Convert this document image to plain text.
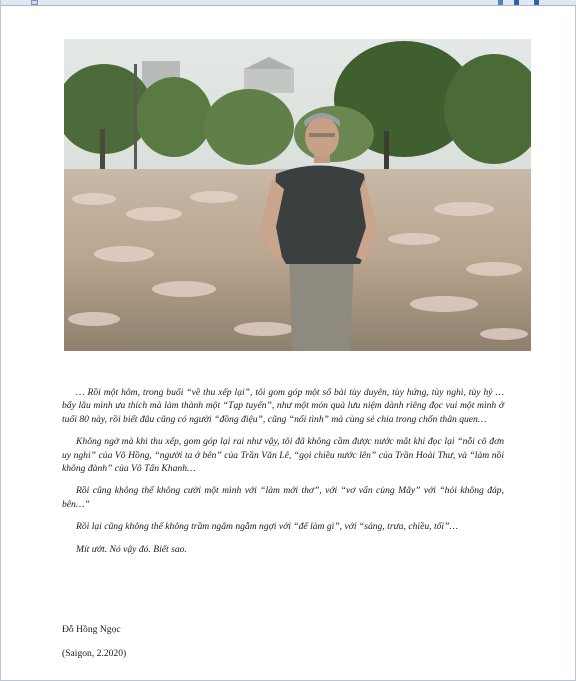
… Rồi một hôm, trong buổi “về thu xếp lại”, tôi gom góp một số bài tùy duyên, tùy hứng, tùy nghi, tùy hỷ … bấy lâu mình ưa thích mà làm thành một “Tạp tuyển”, như một món quà lưu niệm dành riêng đọc vui một mình ở tuổi 80 này, rồi biết đâu cũng có người “đồng điệu”, cũng “nổi tình” mà cùng sẻ chia trong chốn thân quen…

Không ngờ mà khi thu xếp, gom góp lại rai như vậy, tôi đã không cầm được nước mắt khi đọc lại “nỗi cô đơn uy nghi” của Võ Hồng, “người ta ở bên” của Trần Văn Lê, “gọi chiều nước lên” của Trần Hoài Thư, và “làm nồi không đành” của Võ Tấn Khanh…

Rồi cũng không thể không cười một mình với “làm mới thơ”, với “vơ vẩn cùng Mây” với “hỏi không đáp, bên…”

Rồi lại cũng không thể không trầm ngâm ngẫm ngợi với “để làm gì”, với “sáng, trưa, chiều, tối”…

Mít ướt. Nó vậy đó. Biết sao.

Đỗ Hồng Ngọc
(Saigon, 2.2020)
